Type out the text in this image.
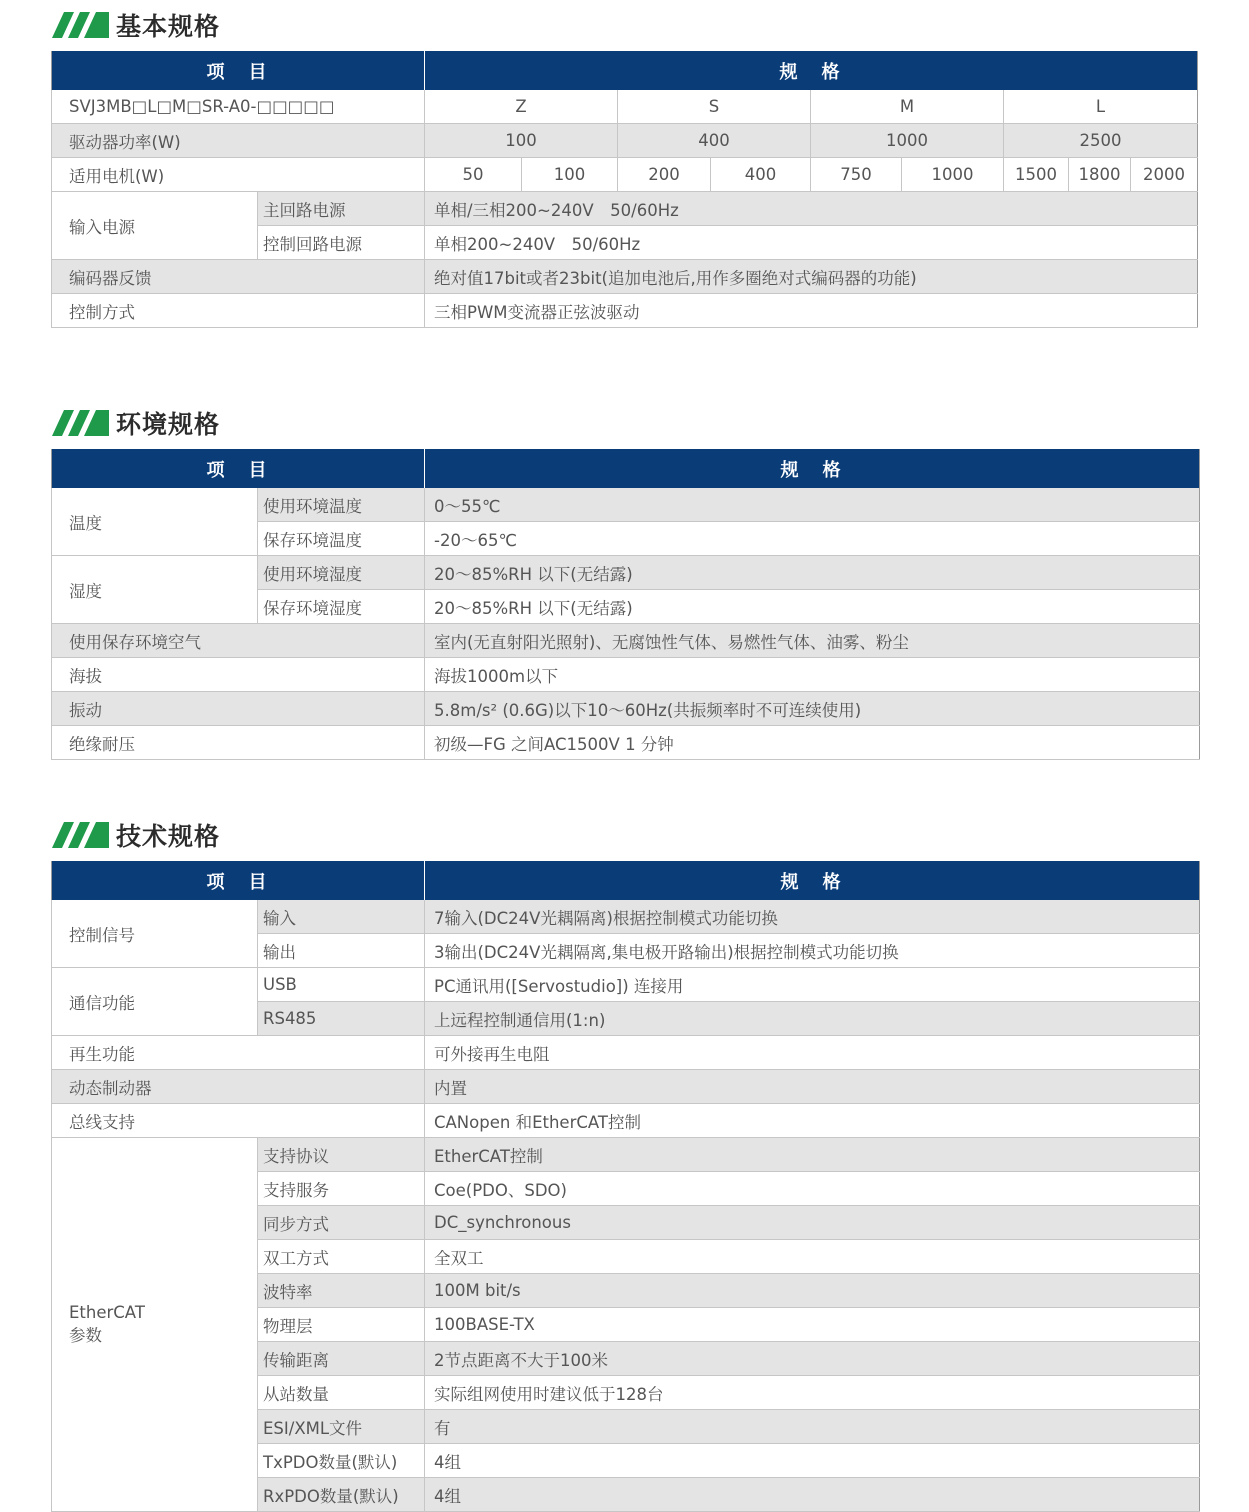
基本规格
项　目		规　格								
SVJ3MB□L□M□SR-A0-□□□□□		Z		S		M		L		
驱动器功率(W)		100		400		1000		2500		
适用电机(W)		50	100	200	400	750	1000	1500	1800	2000
输入电源	主回路电源	单相/三相200~240V　50/60Hz								
	控制回路电源	单相200~240V　50/60Hz								
编码器反馈		绝对值17bit或者23bit(追加电池后,用作多圈绝对式编码器的功能)								
控制方式		三相PWM变流器正弦波驱动								
环境规格
项　目		规　格
温度	使用环境温度	0～55℃
	保存环境温度	-20～65℃
湿度	使用环境湿度	20～85%RH 以下(无结露)
	保存环境湿度	20～85%RH 以下(无结露)
使用保存环境空气		室内(无直射阳光照射)、无腐蚀性气体、易燃性气体、油雾、粉尘
海拔		海拔1000m以下
振动		5.8m/s² (0.6G)以下10～60Hz(共振频率时不可连续使用)
绝缘耐压		初级—FG 之间AC1500V 1 分钟
技术规格
项　目		规　格
控制信号	输入	7输入(DC24V光耦隔离)根据控制模式功能切换
	输出	3输出(DC24V光耦隔离,集电极开路输出)根据控制模式功能切换
通信功能	USB	PC通讯用([Servostudio]) 连接用
	RS485	上远程控制通信用(1:n)
再生功能		可外接再生电阻
动态制动器		内置
总线支持		CANopen 和EtherCAT控制

EtherCAT
参数	支持协议	EtherCAT控制
	支持服务	Coe(PDO、SDO)
	同步方式	DC_synchronous
	双工方式	全双工
	波特率	100M bit/s
	物理层	100BASE-TX
	传输距离	2节点距离不大于100米
	从站数量	实际组网使用时建议低于128台
	ESI/XML文件	有
	TxPDO数量(默认)	4组
	RxPDO数量(默认)	4组
